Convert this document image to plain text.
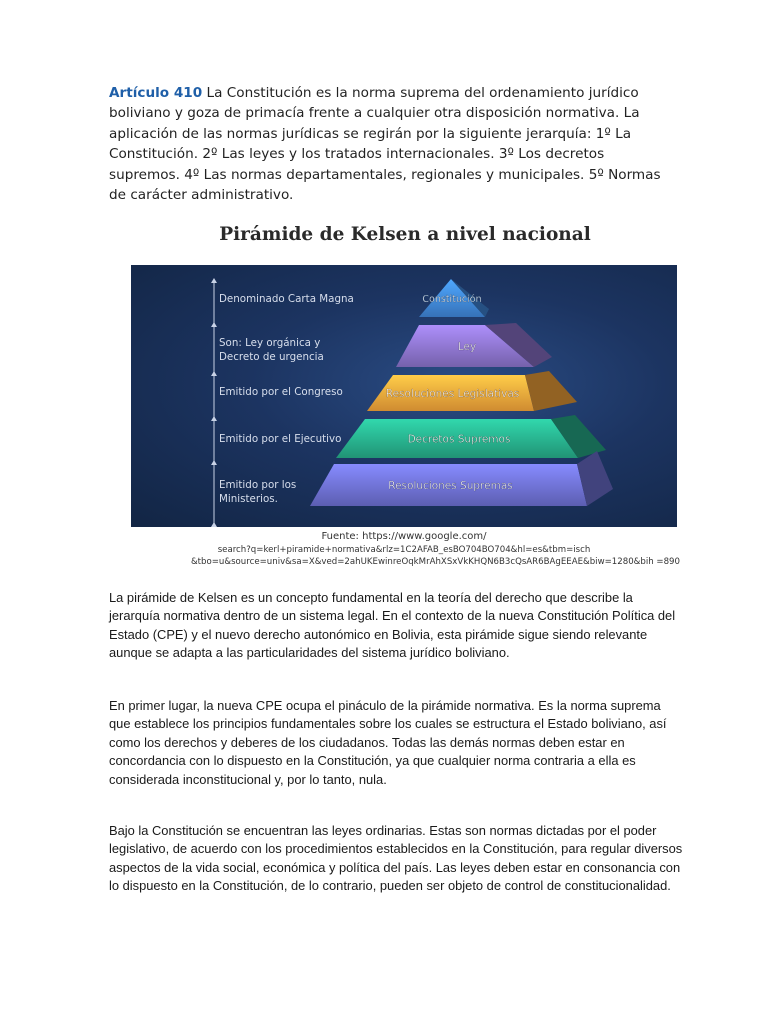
Artículo 410 La Constitución es la norma suprema del ordenamiento jurídico boliviano y goza de primacía frente a cualquier otra disposición normativa. La aplicación de las normas jurídicas se regirán por la siguiente jerarquía: 1º La Constitución. 2º Las leyes y los tratados internacionales. 3º Los decretos supremos. 4º Las normas departamentales, regionales y municipales. 5º Normas de carácter administrativo.

Pirámide de Kelsen a nivel nacional
Constitución
Ley
Resoluciones Legislativas
Decretos Supremos
Resoluciones Supremas
Denominado Carta Magna
Son: Ley orgánica y
Decreto de urgencia
Emitido por el Congreso
Emitido por el Ejecutivo
Emitido por los
Ministerios.
Fuente: https://www.google.com/
search?q=kerl+piramide+normativa&rlz=1C2AFAB_esBO704BO704&hl=es&tbm=isch
&tbo=u&source=univ&sa=X&ved=2ahUKEwinreOqkMrAhXSxVkKHQN6B3cQsAR6BAgEEAE&biw=1280&bih =890

La pirámide de Kelsen es un concepto fundamental en la teoría del derecho que describe la jerarquía normativa dentro de un sistema legal. En el contexto de la nueva Constitución Política del Estado (CPE) y el nuevo derecho autonómico en Bolivia, esta pirámide sigue siendo relevante aunque se adapta a las particularidades del sistema jurídico boliviano.

En primer lugar, la nueva CPE ocupa el pináculo de la pirámide normativa. Es la norma suprema que establece los principios fundamentales sobre los cuales se estructura el Estado boliviano, así como los derechos y deberes de los ciudadanos. Todas las demás normas deben estar en concordancia con lo dispuesto en la Constitución, ya que cualquier norma contraria a ella es considerada inconstitucional y, por lo tanto, nula.

Bajo la Constitución se encuentran las leyes ordinarias. Estas son normas dictadas por el poder legislativo, de acuerdo con los procedimientos establecidos en la Constitución, para regular diversos aspectos de la vida social, económica y política del país. Las leyes deben estar en consonancia con lo dispuesto en la Constitución, de lo contrario, pueden ser objeto de control de constitucionalidad.
